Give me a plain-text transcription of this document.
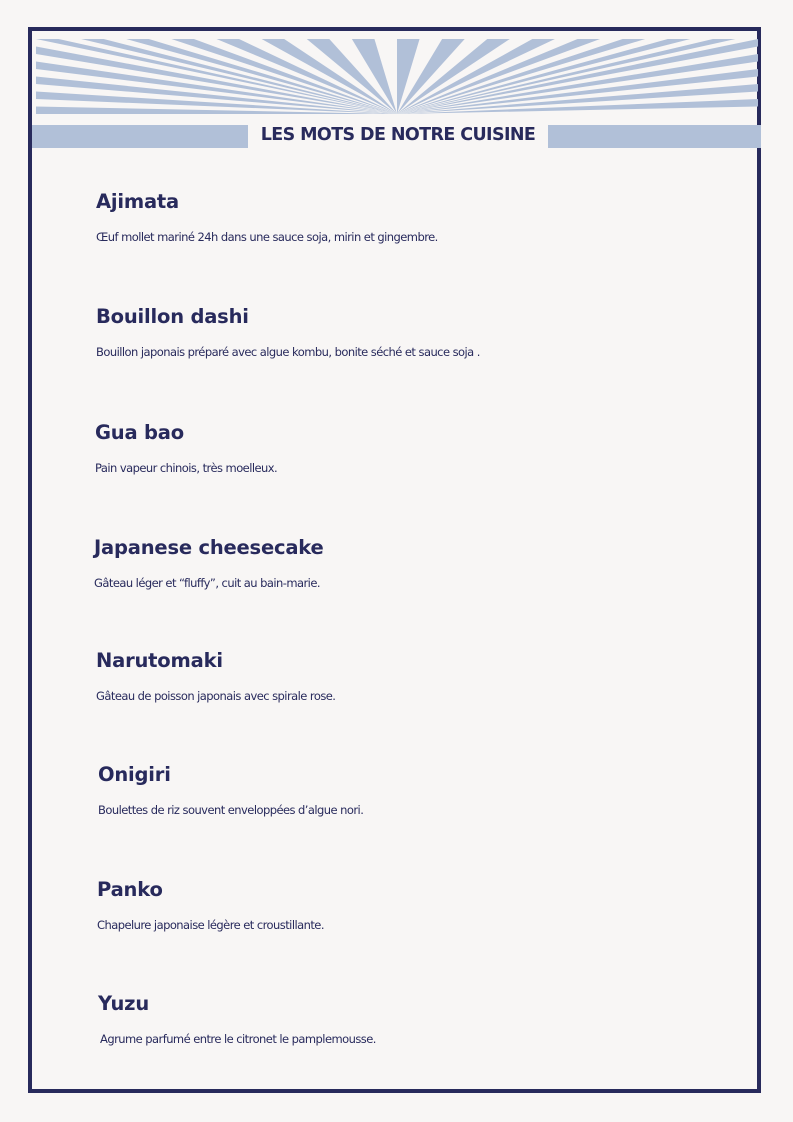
LES MOTS DE NOTRE CUISINE
Ajimata
Œuf mollet mariné 24h dans une sauce soja, mirin et gingembre.
Bouillon dashi
Bouillon japonais préparé avec algue kombu, bonite séché et sauce soja .
Gua bao
Pain vapeur chinois, très moelleux.
Japanese cheesecake
Gâteau léger et “fluffy”, cuit au bain-marie.
Narutomaki
Gâteau de poisson japonais avec spirale rose.
Onigiri
Boulettes de riz souvent enveloppées d’algue nori.
Panko
Chapelure japonaise légère et croustillante.
Yuzu
Agrume parfumé entre le citronet le pamplemousse.
